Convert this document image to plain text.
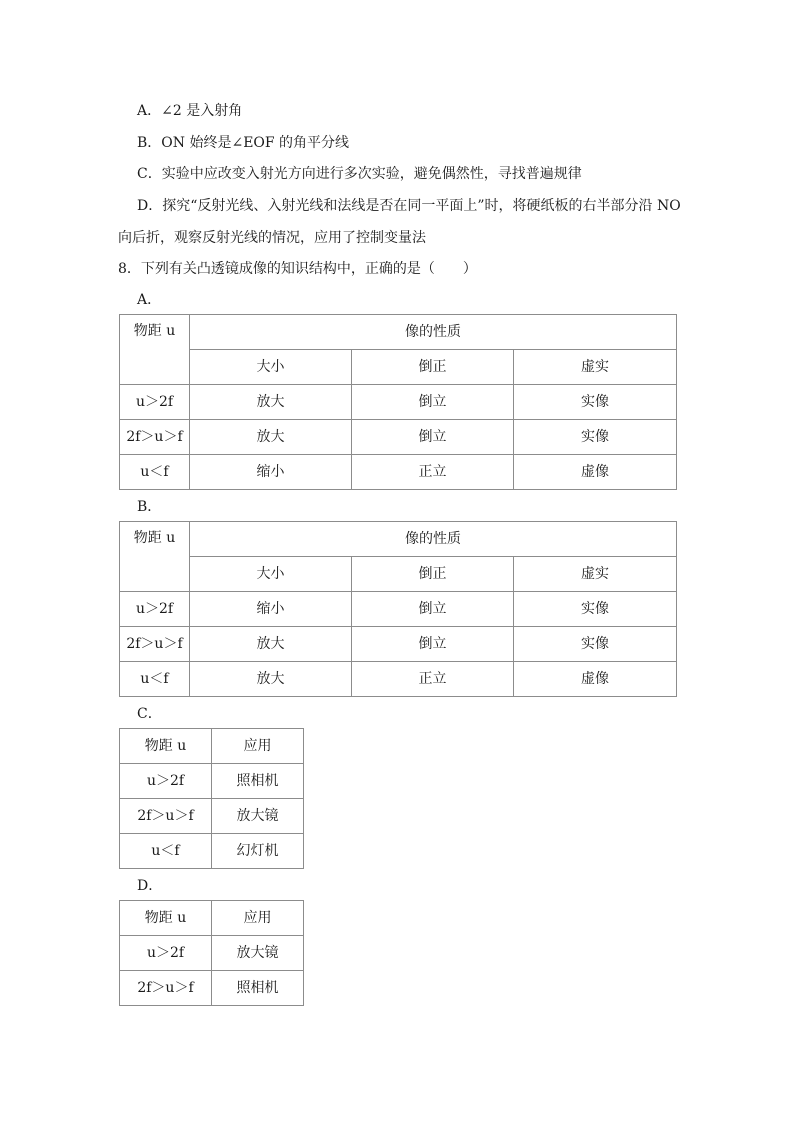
A．∠2 是入射角
B．ON 始终是∠EOF 的角平分线
C．实验中应改变入射光方向进行多次实验，避免偶然性，寻找普遍规律
D．探究“反射光线、入射光线和法线是否在同一平面上”时，将硬纸板的右半部分沿 NO
向后折，观察反射光线的情况，应用了控制变量法
8．下列有关凸透镜成像的知识结构中，正确的是（　　）
A．
物距 u	像的性质		
	大小	倒正	虚实
u＞2f	放大	倒立	实像
2f＞u＞f	放大	倒立	实像
u＜f	缩小	正立	虚像
B．
物距 u	像的性质		
	大小	倒正	虚实
u＞2f	缩小	倒立	实像
2f＞u＞f	放大	倒立	实像
u＜f	放大	正立	虚像
C．
物距 u	应用
u＞2f	照相机
2f＞u＞f	放大镜
u＜f	幻灯机
D．
物距 u	应用
u＞2f	放大镜
2f＞u＞f	照相机
